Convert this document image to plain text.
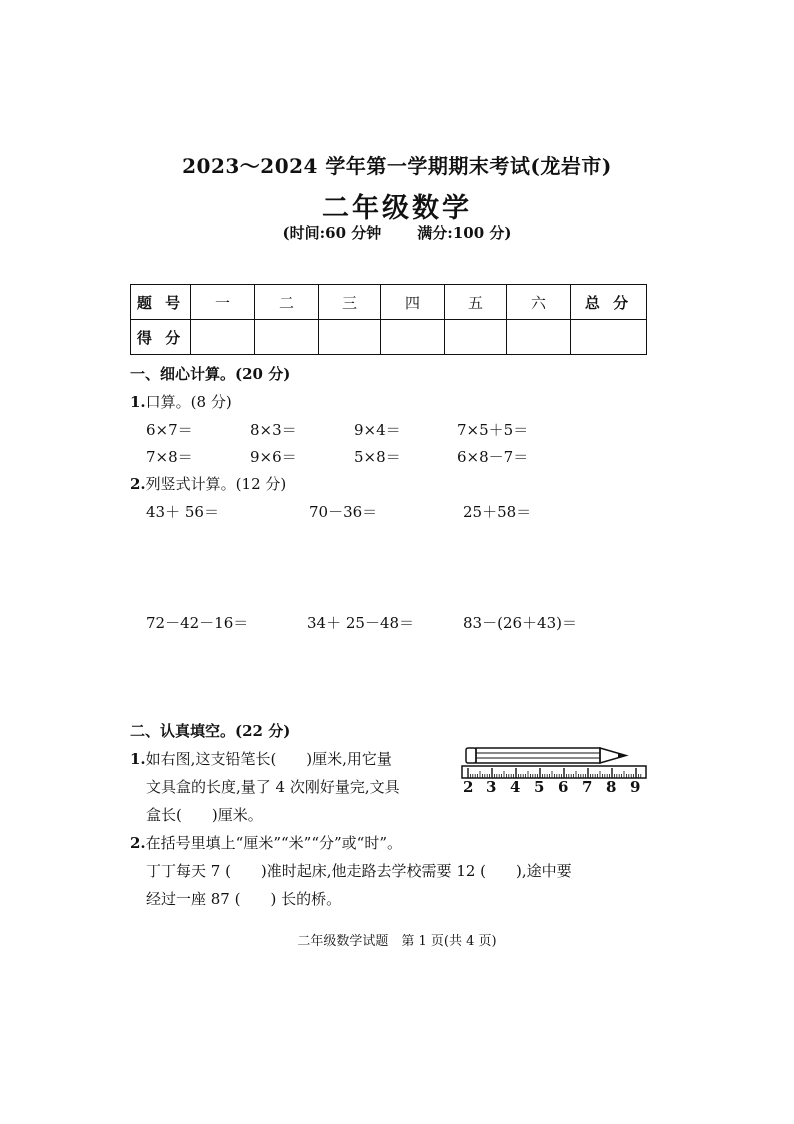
2023～2024 学年第一学期期末考试(龙岩市)
二年级数学
(时间:60 分钟 满分:100 分)
题 号	一	二	三	四	五	六	总 分
得 分							
一、细心计算。(20 分)
1.口算。(8 分)
6×7＝	8×3＝	9×4＝	7×5＋5＝
7×8＝	9×6＝	5×8＝	6×8－7＝
2.列竖式计算。(12 分)
43＋ 56＝	70－36＝	25＋58＝
72－42－16＝	34＋ 25－48＝	83－(26＋43)＝
二、认真填空。(22 分)
1.如右图,这支铅笔长(　　)厘米,用它量
文具盒的长度,量了 4 次刚好量完,文具
盒长(　　)厘米。
2 3 4 5 6 7 8 9
2.在括号里填上“厘米”“米”“分”或“时”。
丁丁每天 7 (　　)准时起床,他走路去学校需要 12 (　　),途中要
经过一座 87 (　　) 长的桥。
二年级数学试题　第 1 页(共 4 页)
